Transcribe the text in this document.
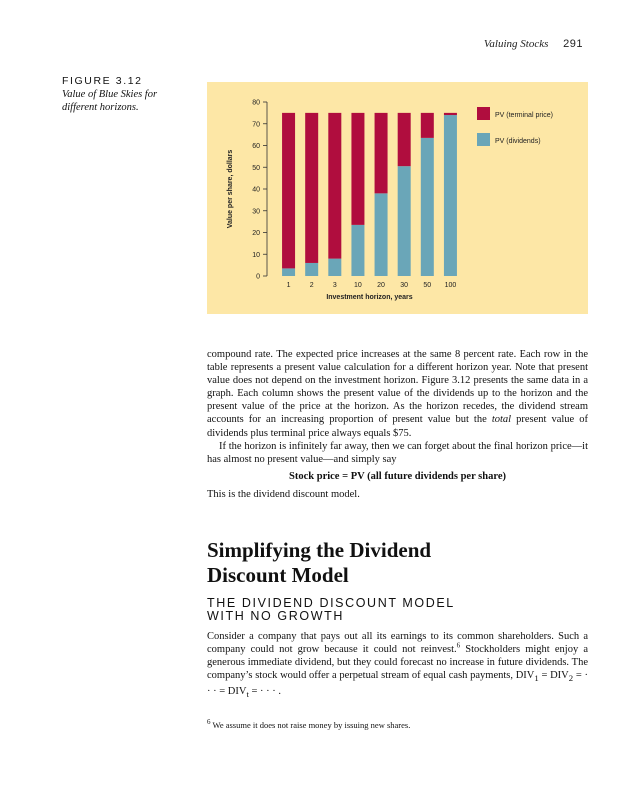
Valuing Stocks 291
FIGURE 3.12
Value of Blue Skies for different horizons.
0
10
20
30
40
50
60
70
80
Value per share, dollars
1	2	3 10 20 30 50 100
Investment horizon, years
PV (terminal price)
PV (dividends)

compound rate. The expected price increases at the same 8 percent rate. Each row in the table represents a present value calculation for a different horizon year. Note that present value does not depend on the investment horizon. Figure 3.12 presents the same data in a graph. Each column shows the present value of the dividends up to the horizon and the present value of the price at the horizon. As the horizon recedes, the dividend stream accounts for an increasing proportion of present value but the total present value of dividends plus terminal price always equals $75.

If the horizon is infinitely far away, then we can forget about the final horizon price—it has almost no present value—and simply say

Stock price = PV (all future dividends per share)

This is the dividend discount model.

Simplifying the Dividend
Discount Model
THE DIVIDEND DISCOUNT MODEL
WITH NO GROWTH

Consider a company that pays out all its earnings to its common shareholders. Such a company could not grow because it could not reinvest.$^6$ Stockholders might enjoy a generous immediate dividend, but they could forecast no increase in future dividends. The company’s stock would offer a perpetual stream of equal cash payments, $DIV_1 = DIV_2$ = · · · = $DIV_t$ = · · · .

$^6$ We assume it does not raise money by issuing new shares.
